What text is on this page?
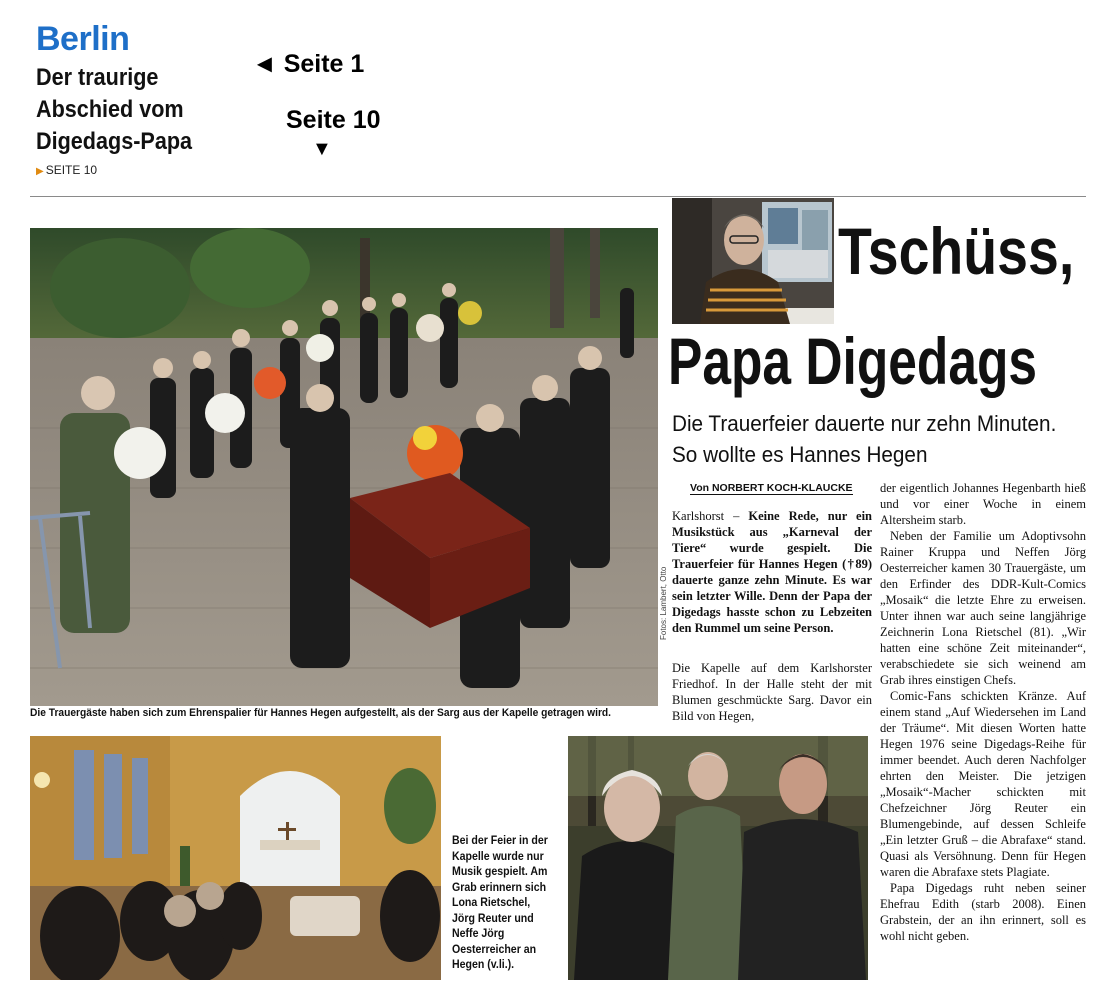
Berlin
Der traurige
Abschied vom
Digedags-Papa
▶ SEITE 10
◄ Seite 1
Seite 10
▼
Fotos: Lambert, Otto
Die Trauergäste haben sich zum Ehrenspalier für Hannes Hegen aufgestellt, als der Sarg aus der Kapelle getragen wird.
Tschüss,
Papa Digedags
Die Trauerfeier dauerte nur zehn Minuten. So wollte es Hannes Hegen
Von NORBERT KOCH-KLAUCKE
Karlshorst – Keine Rede, nur ein Musikstück aus „Karneval der Tiere“ wurde gespielt. Die Trauerfeier für Hannes Hegen (†89) dauerte ganze zehn Minute. Es war sein letzter Wille. Denn der Papa der Digedags hasste schon zu Lebzeiten den Rummel um seine Person.
Die Kapelle auf dem Karlshorster Friedhof. In der Halle steht der mit Blumen geschmückte Sarg. Davor ein Bild von Hegen,

der eigentlich Johannes Hegenbarth hieß und vor einer Woche in einem Altersheim starb.

Neben der Familie um Adoptivsohn Rainer Kruppa und Neffen Jörg Oesterreicher kamen 30 Trauergäste, um den Erfinder des DDR-Kult-Comics „Mosaik“ die letzte Ehre zu erweisen. Unter ihnen war auch seine langjährige Zeichnerin Lona Rietschel (81). „Wir hatten eine schöne Zeit miteinander“, verabschiedete sie sich weinend am Grab ihres einstigen Chefs.

Comic-Fans schickten Kränze. Auf einem stand „Auf Wiedersehen im Land der Träume“. Mit diesen Worten hatte Hegen 1976 seine Digedags-Reihe für immer beendet. Auch deren Nachfolger ehrten den Meister. Die jetzigen „Mosaik“-Macher schickten mit Chefzeichner Jörg Reuter ein Blumengebinde, auf dessen Schleife „Ein letzter Gruß – die Abrafaxe“ stand. Quasi als Versöhnung. Denn für Hegen waren die Abrafaxe stets Plagiate.

Papa Digedags ruht neben seiner Ehefrau Edith (starb 2008). Einen Grabstein, der an ihn erinnert, soll es wohl nicht geben.

Bei der Feier in der Kapelle wurde nur Musik gespielt. Am Grab erinnern sich Lona Rietschel, Jörg Reuter und Neffe Jörg Oesterreicher an Hegen (v.li.).
